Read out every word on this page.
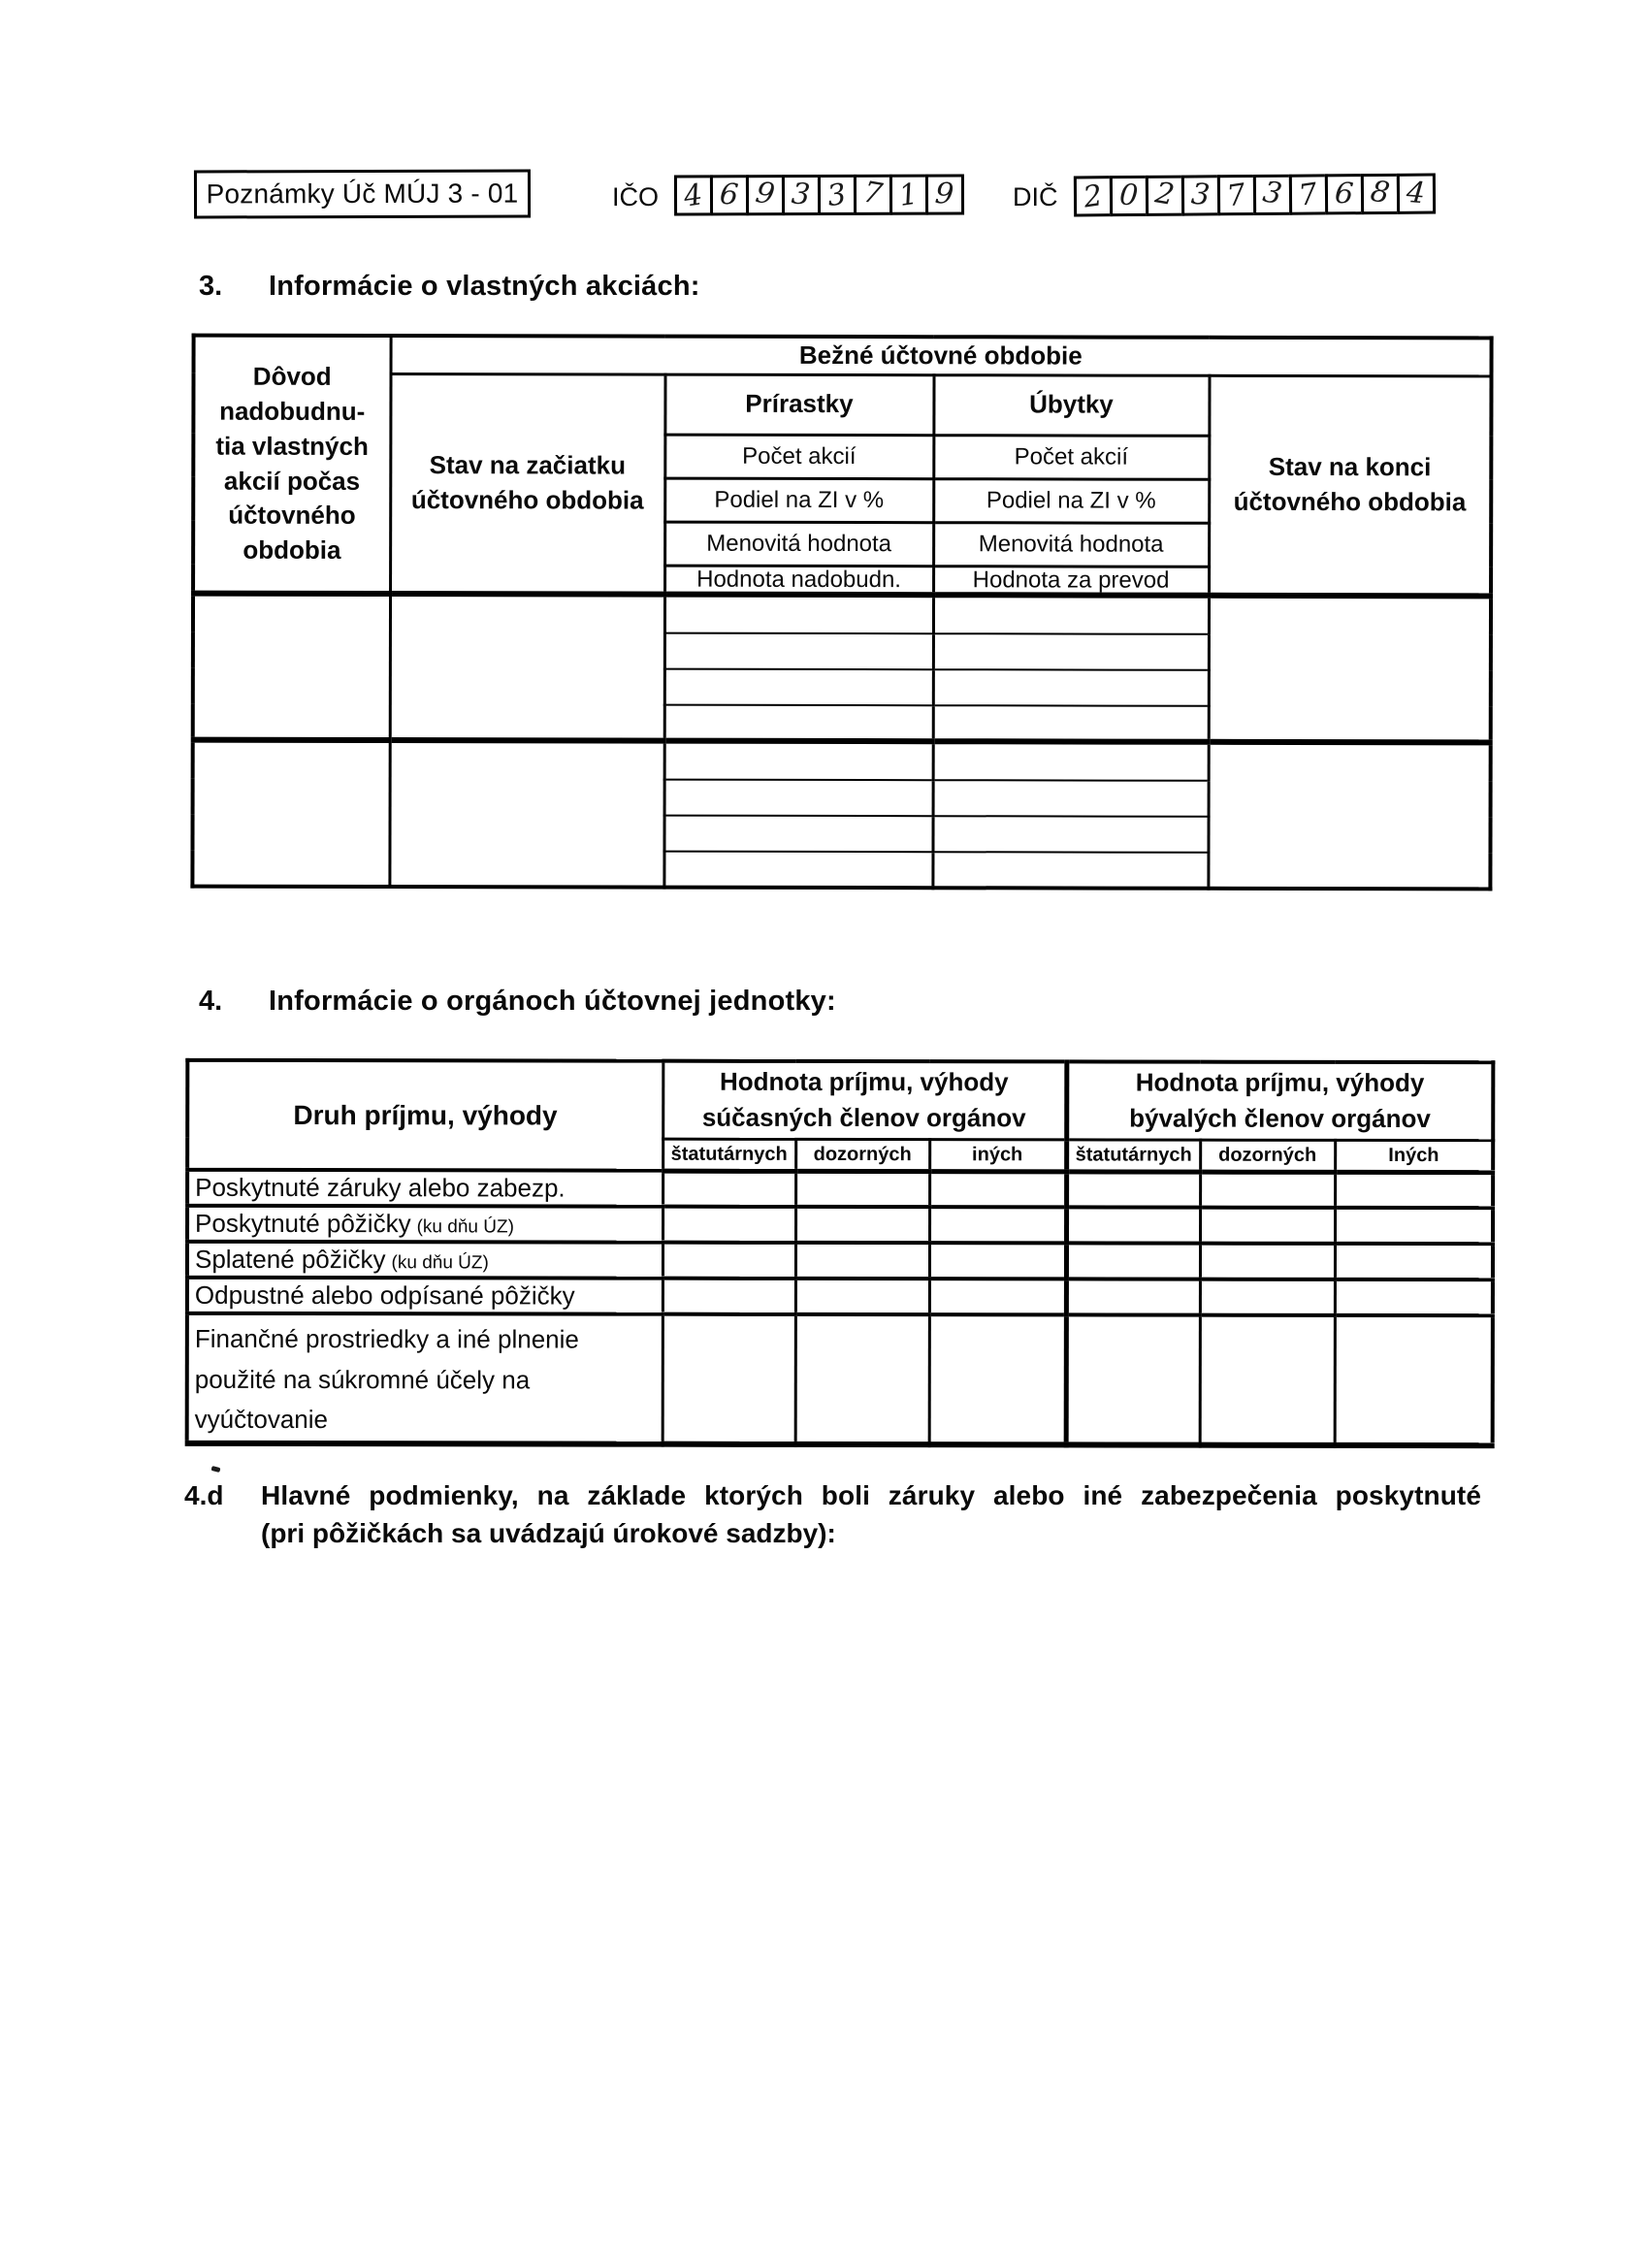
Poznámky Úč MÚJ 3 - 01	IČO 4 6 9 3 3 7 1 9 DIČ 2 0 2 3 7 3 7 6 8 4
3. Informácie o vlastných akciách:
Dôvod nadobudnu- tia vlastných akcií počas účtovného obdobia	Bežné účtovné obdobie			
	Stav na začiatku účtovného obdobia	Prírastky	Úbytky	Stav na konci účtovného obdobia
		Počet akcií	Počet akcií	
		Podiel na ZI v %	Podiel na ZI v %	
		Menovitá hodnota	Menovitá hodnota	
		Hodnota nadobudn.	Hodnota za prevod	

4. Informácie o orgánoch účtovnej jednotky:
Druh príjmu, výhody	Hodnota príjmu, výhody súčasných členov orgánov			Hodnota príjmu, výhody bývalých členov orgánov		
	štatutárnych	dozorných	iných	štatutárnych	dozorných	Iných
Poskytnuté záruky alebo zabezp.						
Poskytnuté pôžičky (ku dňu ÚZ)						
Splatené pôžičky (ku dňu ÚZ)						
Odpustné alebo odpísané pôžičky						
Finančné prostriedky a iné plnenie použité na súkromné účely na vyúčtovanie						
4.d Hlavné podmienky, na základe ktorých boli záruky alebo iné zabezpečenia poskytnuté
(pri pôžičkách sa uvádzajú úrokové sadzby):
